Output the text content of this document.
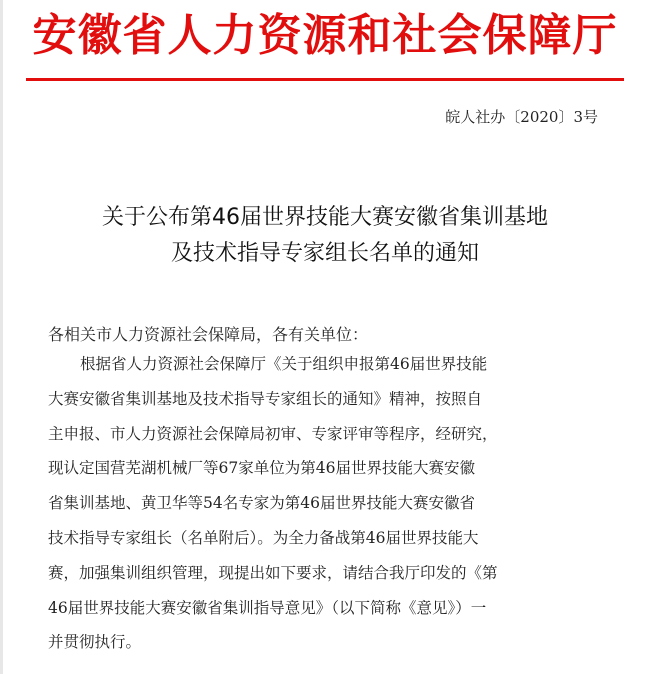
安徽省人力资源和社会保障厅
皖人社办〔2020〕3号
关于公布第46届世界技能大赛安徽省集训基地
及技术指导专家组长名单的通知
各相关市人力资源社会保障局，各有关单位：
根据省人力资源社会保障厅《关于组织申报第46届世界技能
大赛安徽省集训基地及技术指导专家组长的通知》精神，按照自
主申报、市人力资源社会保障局初审、专家评审等程序，经研究，
现认定国营芜湖机械厂等67家单位为第46届世界技能大赛安徽
省集训基地、黄卫华等54名专家为第46届世界技能大赛安徽省
技术指导专家组长（名单附后）。为全力备战第46届世界技能大
赛，加强集训组织管理，现提出如下要求，请结合我厅印发的《第
46届世界技能大赛安徽省集训指导意见》（以下简称《意见》）一
并贯彻执行。
